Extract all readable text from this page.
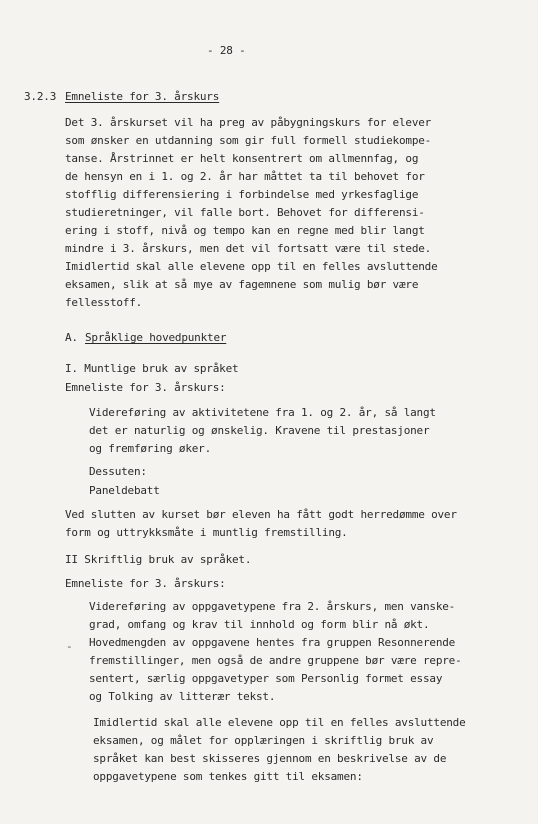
- 28 -
3.2.3 Emneliste for 3. årskurs
Det 3. årskurset vil ha preg av påbygningskurs for elever
som ønsker en utdanning som gir full formell studiekompe-
tanse. Årstrinnet er helt konsentrert om allmennfag, og
de hensyn en i 1. og 2. år har måttet ta til behovet for
stofflig differensiering i forbindelse med yrkesfaglige
studieretninger, vil falle bort. Behovet for differensi-
ering i stoff, nivå og tempo kan en regne med blir langt
mindre i 3. årskurs, men det vil fortsatt være til stede.
Imidlertid skal alle elevene opp til en felles avsluttende
eksamen, slik at så mye av fagemnene som mulig bør være
fellesstoff.
A. Språklige hovedpunkter
I. Muntlige bruk av språket
Emneliste for 3. årskurs:
Videreføring av aktivitetene fra 1. og 2. år, så langt
det er naturlig og ønskelig. Kravene til prestasjoner
og fremføring øker.
Dessuten:
Paneldebatt
Ved slutten av kurset bør eleven ha fått godt herredømme over
form og uttrykksmåte i muntlig fremstilling.
II Skriftlig bruk av språket.
Emneliste for 3. årskurs:
Videreføring av oppgavetypene fra 2. årskurs, men vanske-
grad, omfang og krav til innhold og form blir nå økt.
Hovedmengden av oppgavene hentes fra gruppen Resonnerende
fremstillinger, men også de andre gruppene bør være repre-
sentert, særlig oppgavetyper som Personlig formet essay
og Tolking av litterær tekst.
Imidlertid skal alle elevene opp til en felles avsluttende
eksamen, og målet for opplæringen i skriftlig bruk av
språket kan best skisseres gjennom en beskrivelse av de
oppgavetypene som tenkes gitt til eksamen:
-
